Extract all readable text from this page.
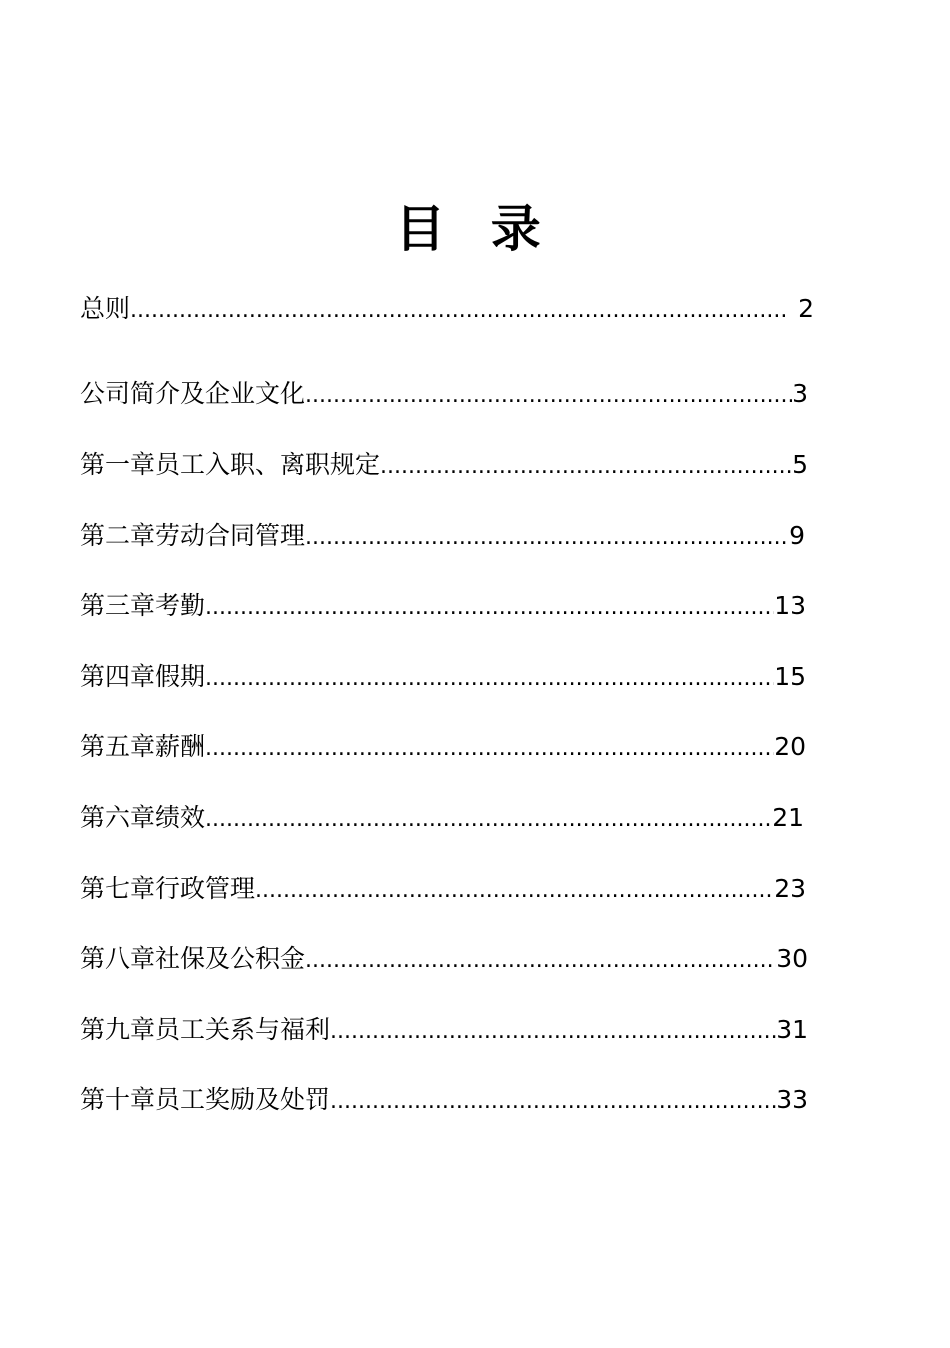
目 录
总则 .....	2
公司简介及企业文化 .....	3
第一章 员工入职、离职规定 .....	5
第二章 劳动合同管理 .....	9
第三章 考勤 .....	13
第四章 假期 .....	15
第五章 薪酬 .....	20
第六章 绩效 .....	21
第七章 行政管理 .....	23
第八章 社保及公积金 .....	30
第九章 员工关系与福利 .....	31
第十章 员工奖励及处罚 .....	33
